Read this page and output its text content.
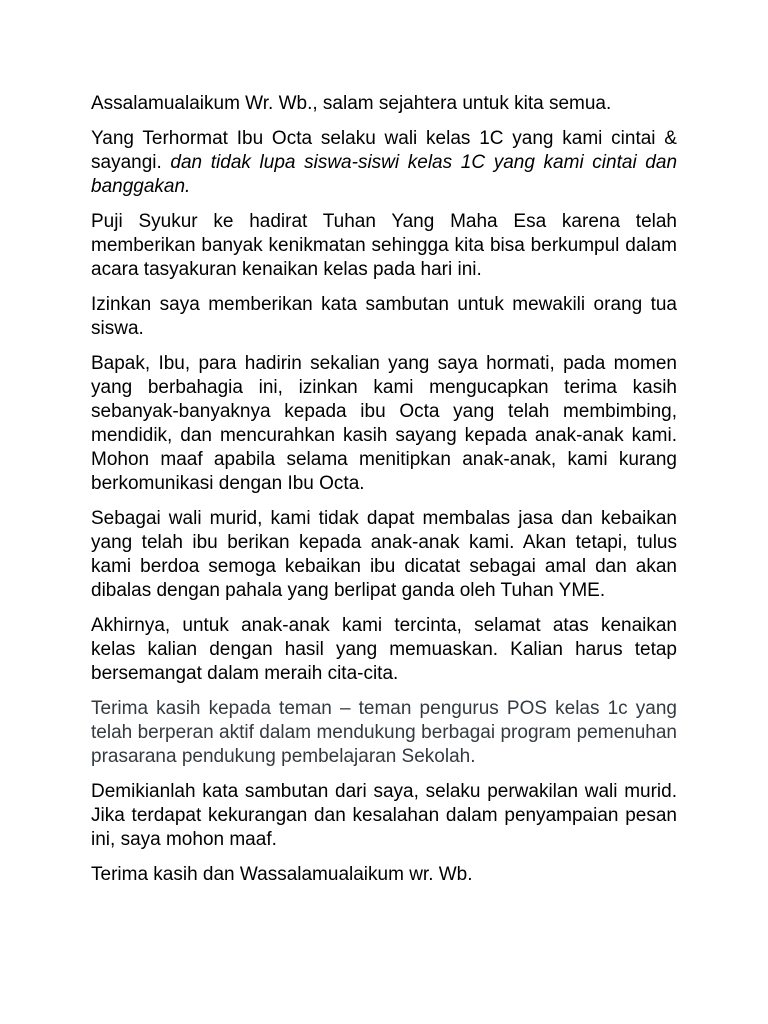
Assalamualaikum Wr. Wb., salam sejahtera untuk kita semua.

Yang Terhormat Ibu Octa selaku wali kelas 1C yang kami cintai & sayangi. dan tidak lupa siswa-siswi kelas 1C yang kami cintai dan banggakan.

Puji Syukur ke hadirat Tuhan Yang Maha Esa karena telah memberikan banyak kenikmatan sehingga kita bisa berkumpul dalam acara tasyakuran kenaikan kelas pada hari ini.

Izinkan saya memberikan kata sambutan untuk mewakili orang tua siswa.

Bapak, Ibu, para hadirin sekalian yang saya hormati, pada momen yang berbahagia ini, izinkan kami mengucapkan terima kasih sebanyak-banyaknya kepada ibu Octa yang telah membimbing, mendidik, dan mencurahkan kasih sayang kepada anak-anak kami. Mohon maaf apabila selama menitipkan anak-anak, kami kurang berkomunikasi dengan Ibu Octa.

Sebagai wali murid, kami tidak dapat membalas jasa dan kebaikan yang telah ibu berikan kepada anak-anak kami. Akan tetapi, tulus kami berdoa semoga kebaikan ibu dicatat sebagai amal dan akan dibalas dengan pahala yang berlipat ganda oleh Tuhan YME.

Akhirnya, untuk anak-anak kami tercinta, selamat atas kenaikan kelas kalian dengan hasil yang memuaskan. Kalian harus tetap bersemangat dalam meraih cita-cita.

Terima kasih kepada teman – teman pengurus POS kelas 1c yang telah berperan aktif dalam mendukung berbagai program pemenuhan prasarana pendukung pembelajaran Sekolah.

Demikianlah kata sambutan dari saya, selaku perwakilan wali murid. Jika terdapat kekurangan dan kesalahan dalam penyampaian pesan ini, saya mohon maaf.

Terima kasih dan Wassalamualaikum wr. Wb.
